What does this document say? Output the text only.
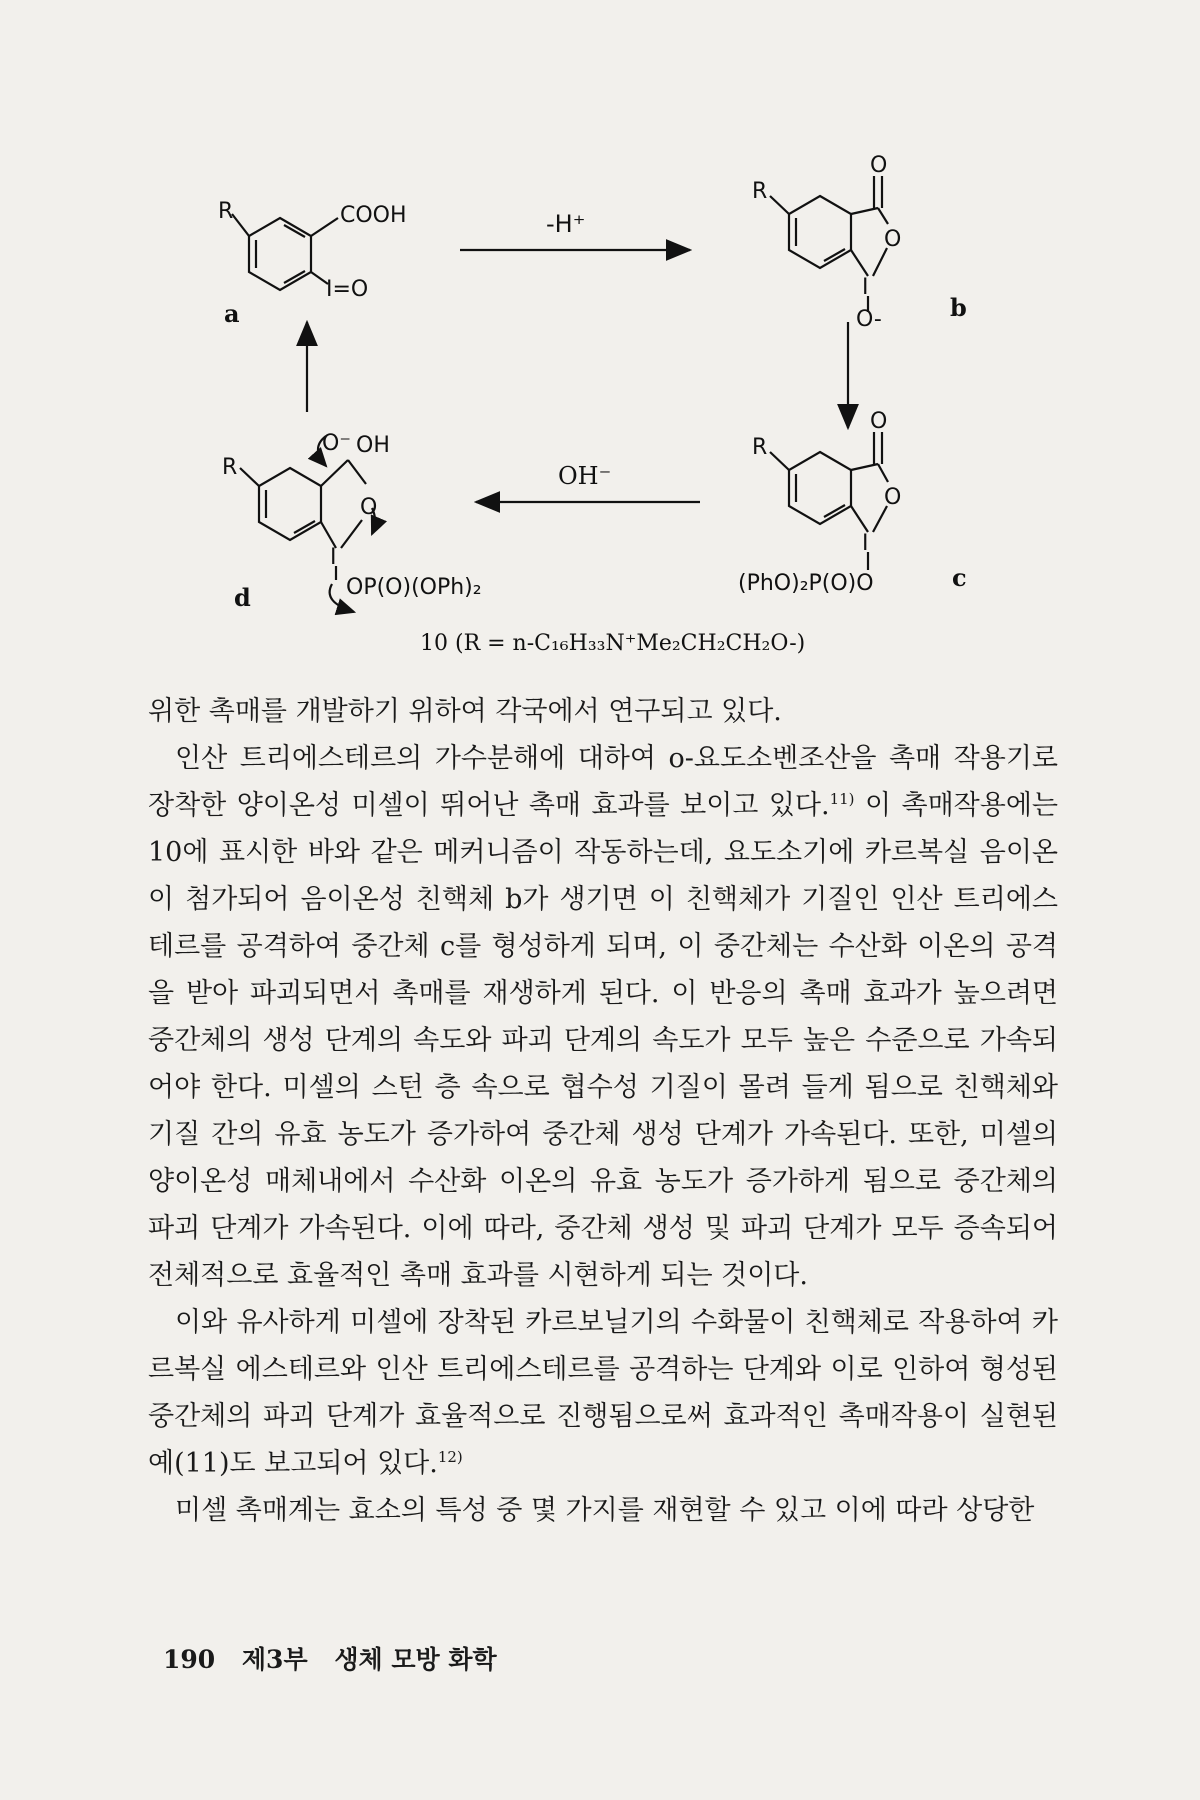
R	COOH
I=O
a
R
O
O
I
O-	b
R
O
O
I
(PhO)₂P(O)O	c
R
O⁻ OH
O
I
OP(O)(OPh)₂
d
-H⁺
OH⁻
10 (R = n-C₁₆H₃₃N⁺Me₂CH₂CH₂O-)

위한 촉매를 개발하기 위하여 각국에서 연구되고 있다.

인산 트리에스테르의 가수분해에 대하여 o-요도소벤조산을 촉매 작용기로 장착한 양이온성 미셀이 뛰어난 촉매 효과를 보이고 있다.$^{11)}$ 이 촉매작용에는 10에 표시한 바와 같은 메커니즘이 작동하는데, 요도소기에 카르복실 음이온이 첨가되어 음이온성 친핵체 b가 생기면 이 친핵체가 기질인 인산 트리에스테르를 공격하여 중간체 c를 형성하게 되며, 이 중간체는 수산화 이온의 공격을 받아 파괴되면서 촉매를 재생하게 된다. 이 반응의 촉매 효과가 높으려면 중간체의 생성 단계의 속도와 파괴 단계의 속도가 모두 높은 수준으로 가속되어야 한다. 미셀의 스턴 층 속으로 협수성 기질이 몰려 들게 됨으로 친핵체와 기질 간의 유효 농도가 증가하여 중간체 생성 단계가 가속된다. 또한, 미셀의 양이온성 매체내에서 수산화 이온의 유효 농도가 증가하게 됨으로 중간체의 파괴 단계가 가속된다. 이에 따라, 중간체 생성 및 파괴 단계가 모두 증속되어 전체적으로 효율적인 촉매 효과를 시현하게 되는 것이다.

이와 유사하게 미셀에 장착된 카르보닐기의 수화물이 친핵체로 작용하여 카르복실 에스테르와 인산 트리에스테르를 공격하는 단계와 이로 인하여 형성된 중간체의 파괴 단계가 효율적으로 진행됨으로써 효과적인 촉매작용이 실현된 예(11)도 보고되어 있다.$^{12)}$

미셀 촉매계는 효소의 특성 중 몇 가지를 재현할 수 있고 이에 따라 상당한

190 제3부 생체 모방 화학
